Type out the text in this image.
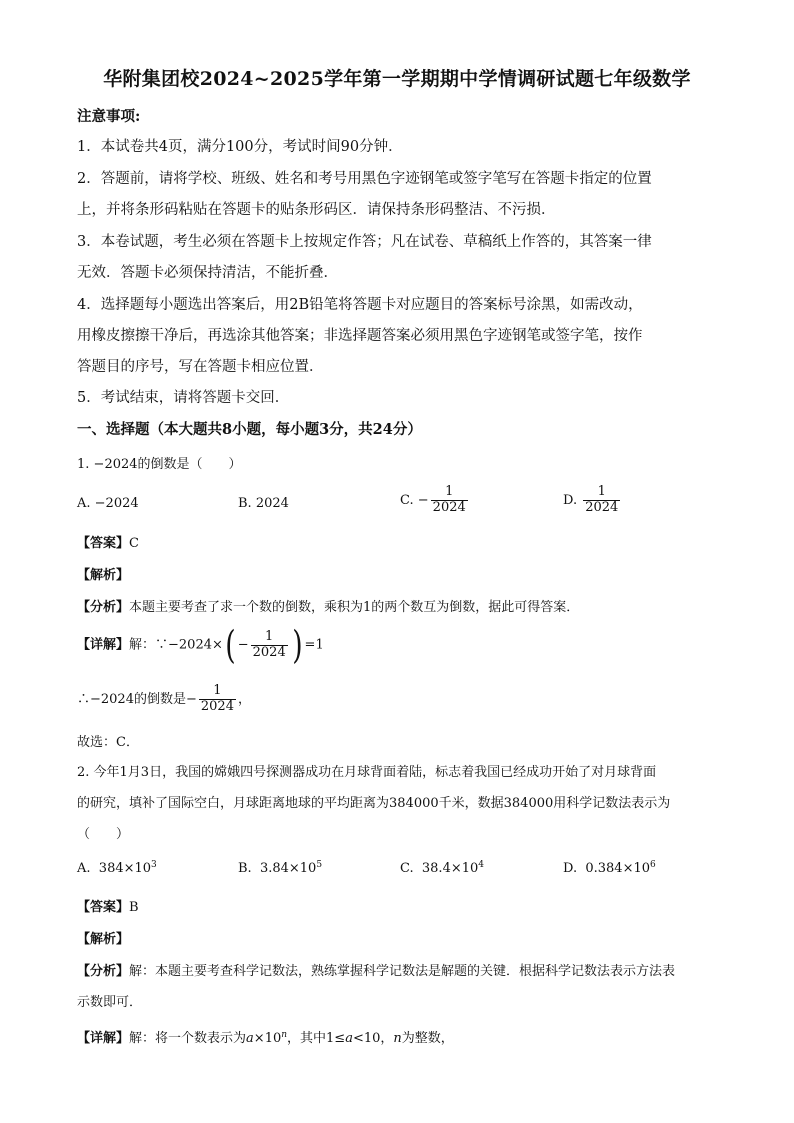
华附集团校2024~2025学年第一学期期中学情调研试题七年级数学
注意事项:
1．本试卷共4页，满分100分，考试时间90分钟．
2．答题前，请将学校、班级、姓名和考号用黑色字迹钢笔或签字笔写在答题卡指定的位置
上，并将条形码粘贴在答题卡的贴条形码区．请保持条形码整洁、不污损．
3．本卷试题，考生必须在答题卡上按规定作答；凡在试卷、草稿纸上作答的，其答案一律
无效．答题卡必须保持清洁，不能折叠．
4．选择题每小题选出答案后，用2B铅笔将答题卡对应题目的答案标号涂黑，如需改动，
用橡皮擦擦干净后，再选涂其他答案；非选择题答案必须用黑色字迹钢笔或签字笔，按作
答题目的序号，写在答题卡相应位置．
5．考试结束，请将答题卡交回．
一、选择题（本大题共8小题，每小题3分，共24分）
1. −2024的倒数是（　　）
A. −2024	B. 2024	C. − $\frac{1}{2024}$	D. $\frac{1}{2024}$
【答案】C
【解析】
【分析】本题主要考查了求一个数的倒数，乘积为1的两个数互为倒数，据此可得答案．
【详解】解：∵−2024×( − $\frac{1}{2024}$ ) =1
∴−2024的倒数是− $\frac{1}{2024}$ ，
故选：C．
2. 今年1月3日，我国的嫦娥四号探测器成功在月球背面着陆，标志着我国已经成功开始了对月球背面
的研究，填补了国际空白，月球距离地球的平均距离为384000千米，数据384000用科学记数法表示为
（　　）
A. $384\times 10^3$	B. $3.84\times 10^5$	C. $38.4\times 10^4$	D. $0.384\times 10^6$
【答案】B
【解析】
【分析】解：本题主要考查科学记数法，熟练掌握科学记数法是解题的关键．根据科学记数法表示方法表
示数即可．
【详解】解：将一个数表示为$a\times 10^n$，其中1≤a<10，n为整数，
